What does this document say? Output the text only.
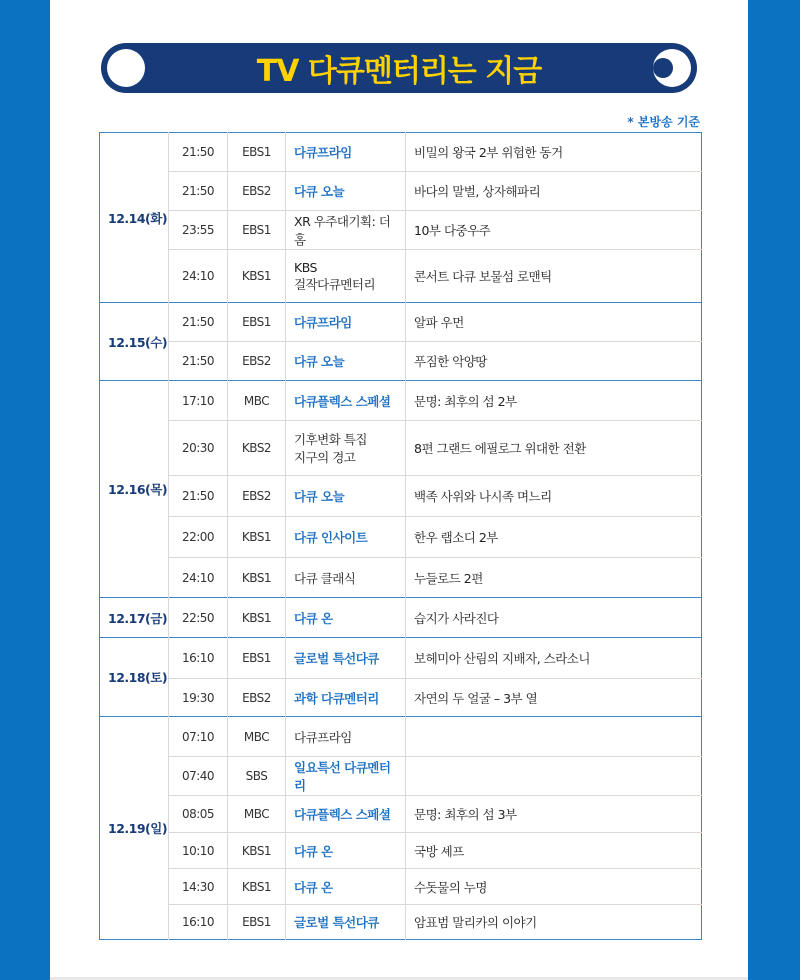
TV 다큐멘터리는 지금
* 본방송 기준
12.14(화)	21:50	EBS1	다큐프라임	비밀의 왕국 2부 위험한 동거
	21:50	EBS2	다큐 오늘	바다의 말벌, 상자해파리
	23:55	EBS1	XR 우주대기획: 더 홈	10부 다중우주
	24:10	KBS1	KBS
걸작다큐멘터리	콘서트 다큐 보물섬 로맨틱
12.15(수)	21:50	EBS1	다큐프라임	알파 우먼
	21:50	EBS2	다큐 오늘	푸짐한 악양땅
12.16(목)	17:10	MBC	다큐플렉스 스페셜	문명: 최후의 섬 2부
	20:30	KBS2	기후변화 특집
지구의 경고	8편 그랜드 에필로그 위대한 전환
	21:50	EBS2	다큐 오늘	백족 사위와 나시족 며느리
	22:00	KBS1	다큐 인사이트	한우 랩소디 2부
	24:10	KBS1	다큐 클래식	누들로드 2편
12.17(금)	22:50	KBS1	다큐 온	습지가 사라진다
12.18(토)	16:10	EBS1	글로벌 특선다큐	보헤미아 산림의 지배자, 스라소니
	19:30	EBS2	과학 다큐멘터리	자연의 두 얼굴 – 3부 열
12.19(일)	07:10	MBC	다큐프라임	
	07:40	SBS	일요특선 다큐멘터리	
	08:05	MBC	다큐플렉스 스페셜	문명: 최후의 섬 3부
	10:10	KBS1	다큐 온	국방 셰프
	14:30	KBS1	다큐 온	수돗물의 누명
	16:10	EBS1	글로벌 특선다큐	암표범 말리카의 이야기
